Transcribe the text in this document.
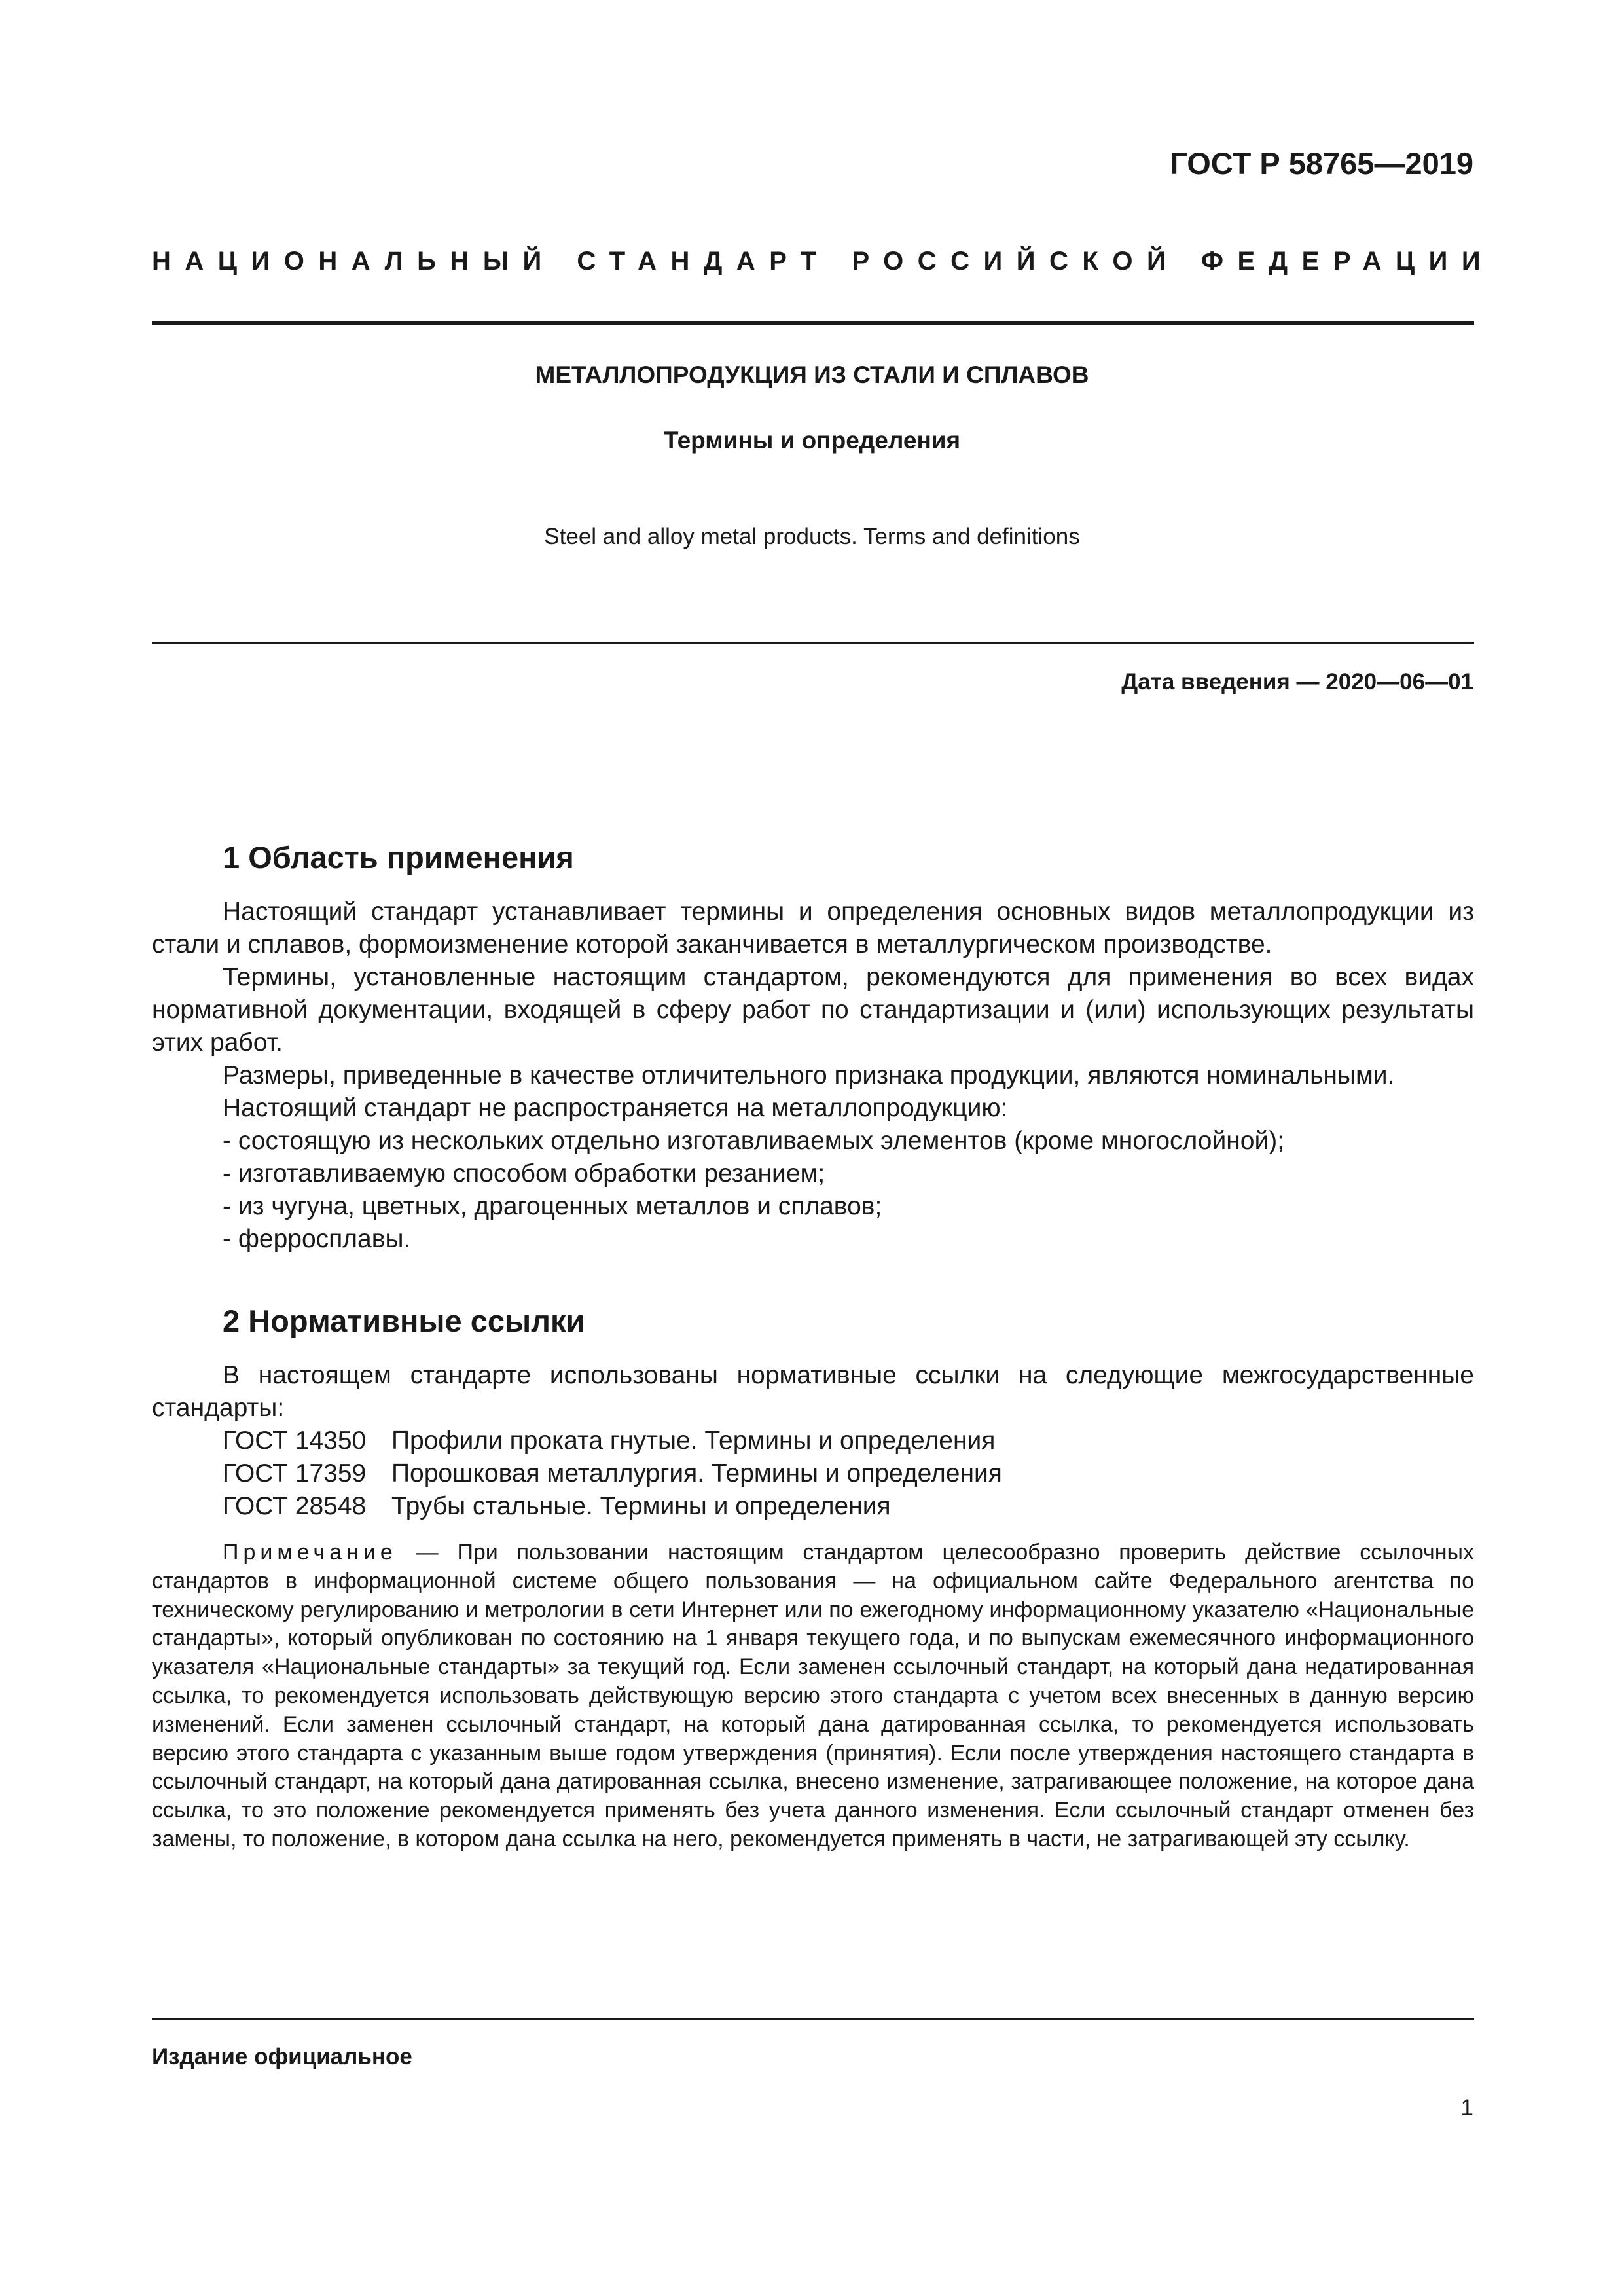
ГОСТ Р 58765—2019
НАЦИОНАЛЬНЫЙ СТАНДАРТ РОССИЙСКОЙ ФЕДЕРАЦИИ
МЕТАЛЛОПРОДУКЦИЯ ИЗ СТАЛИ И СПЛАВОВ
Термины и определения
Steel and alloy metal products. Terms and definitions
Дата введения — 2020—06—01
1 Область применения

Настоящий стандарт устанавливает термины и определения основных видов металлопродукции из стали и сплавов, формоизменение которой заканчивается в металлургическом производстве.

Термины, установленные настоящим стандартом, рекомендуются для применения во всех видах нормативной документации, входящей в сферу работ по стандартизации и (или) использующих результаты этих работ.

Размеры, приведенные в качестве отличительного признака продукции, являются номинальными.

Настоящий стандарт не распространяется на металлопродукцию:

- состоящую из нескольких отдельно изготавливаемых элементов (кроме многослойной);
- изготавливаемую способом обработки резанием;
- из чугуна, цветных, драгоценных металлов и сплавов;
- ферросплавы.
2 Нормативные ссылки

В настоящем стандарте использованы нормативные ссылки на следующие межгосударственные стандарты:

ГОСТ 14350 Профили проката гнутые. Термины и определения
ГОСТ 17359 Порошковая металлургия. Термины и определения
ГОСТ 28548 Трубы стальные. Термины и определения

Примечание — При пользовании настоящим стандартом целесообразно проверить действие ссылочных стандартов в информационной системе общего пользования — на официальном сайте Федерального агентства по техническому регулированию и метрологии в сети Интернет или по ежегодному информационному указателю «Национальные стандарты», который опубликован по состоянию на 1 января текущего года, и по выпускам ежемесячного информационного указателя «Национальные стандарты» за текущий год. Если заменен ссылочный стандарт, на который дана недатированная ссылка, то рекомендуется использовать действующую версию этого стандарта с учетом всех внесенных в данную версию изменений. Если заменен ссылочный стандарт, на который дана датированная ссылка, то рекомендуется использовать версию этого стандарта с указанным выше годом утверждения (принятия). Если после утверждения настоящего стандарта в ссылочный стандарт, на который дана датированная ссылка, внесено изменение, затрагивающее положение, на которое дана ссылка, то это положение рекомендуется применять без учета данного изменения. Если ссылочный стандарт отменен без замены, то положение, в котором дана ссылка на него, рекомендуется применять в части, не затрагивающей эту ссылку.

Издание официальное
1
